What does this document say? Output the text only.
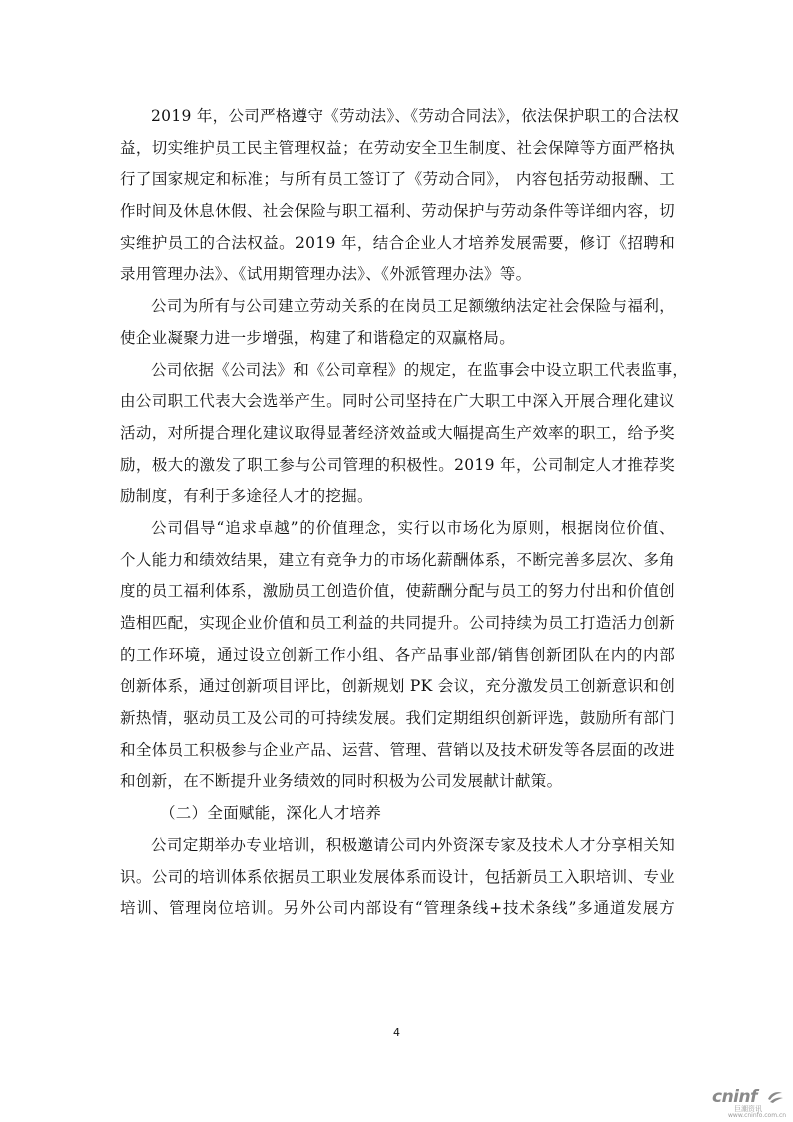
2019 年，公司严格遵守《劳动法》、《劳动合同法》，依法保护职工的合法权

益，切实维护员工民主管理权益；在劳动安全卫生制度、社会保障等方面严格执

行了国家规定和标准；与所有员工签订了《劳动合同》， 内容包括劳动报酬、工

作时间及休息休假、社会保险与职工福利、劳动保护与劳动条件等详细内容，切

实维护员工的合法权益。2019 年，结合企业人才培养发展需要，修订《招聘和

录用管理办法》、《试用期管理办法》、《外派管理办法》等。

公司为所有与公司建立劳动关系的在岗员工足额缴纳法定社会保险与福利，

使企业凝聚力进一步增强，构建了和谐稳定的双赢格局。

公司依据《公司法》和《公司章程》的规定，在监事会中设立职工代表监事，

由公司职工代表大会选举产生。同时公司坚持在广大职工中深入开展合理化建议

活动，对所提合理化建议取得显著经济效益或大幅提高生产效率的职工，给予奖

励，极大的激发了职工参与公司管理的积极性。2019 年，公司制定人才推荐奖

励制度，有利于多途径人才的挖掘。

公司倡导“追求卓越”的价值理念，实行以市场化为原则，根据岗位价值、

个人能力和绩效结果，建立有竞争力的市场化薪酬体系，不断完善多层次、多角

度的员工福利体系，激励员工创造价值，使薪酬分配与员工的努力付出和价值创

造相匹配，实现企业价值和员工利益的共同提升。公司持续为员工打造活力创新

的工作环境，通过设立创新工作小组、各产品事业部/销售创新团队在内的内部

创新体系，通过创新项目评比，创新规划 PK 会议，充分激发员工创新意识和创

新热情，驱动员工及公司的可持续发展。我们定期组织创新评选，鼓励所有部门

和全体员工积极参与企业产品、运营、管理、营销以及技术研发等各层面的改进

和创新，在不断提升业务绩效的同时积极为公司发展献计献策。

（二）全面赋能，深化人才培养

公司定期举办专业培训，积极邀请公司内外资深专家及技术人才分享相关知

识。公司的培训体系依据员工职业发展体系而设计，包括新员工入职培训、专业

培训、管理岗位培训。另外公司内部设有“管理条线+技术条线”多通道发展方

4
cninf
巨潮资讯
www.cninfo.com.cn
